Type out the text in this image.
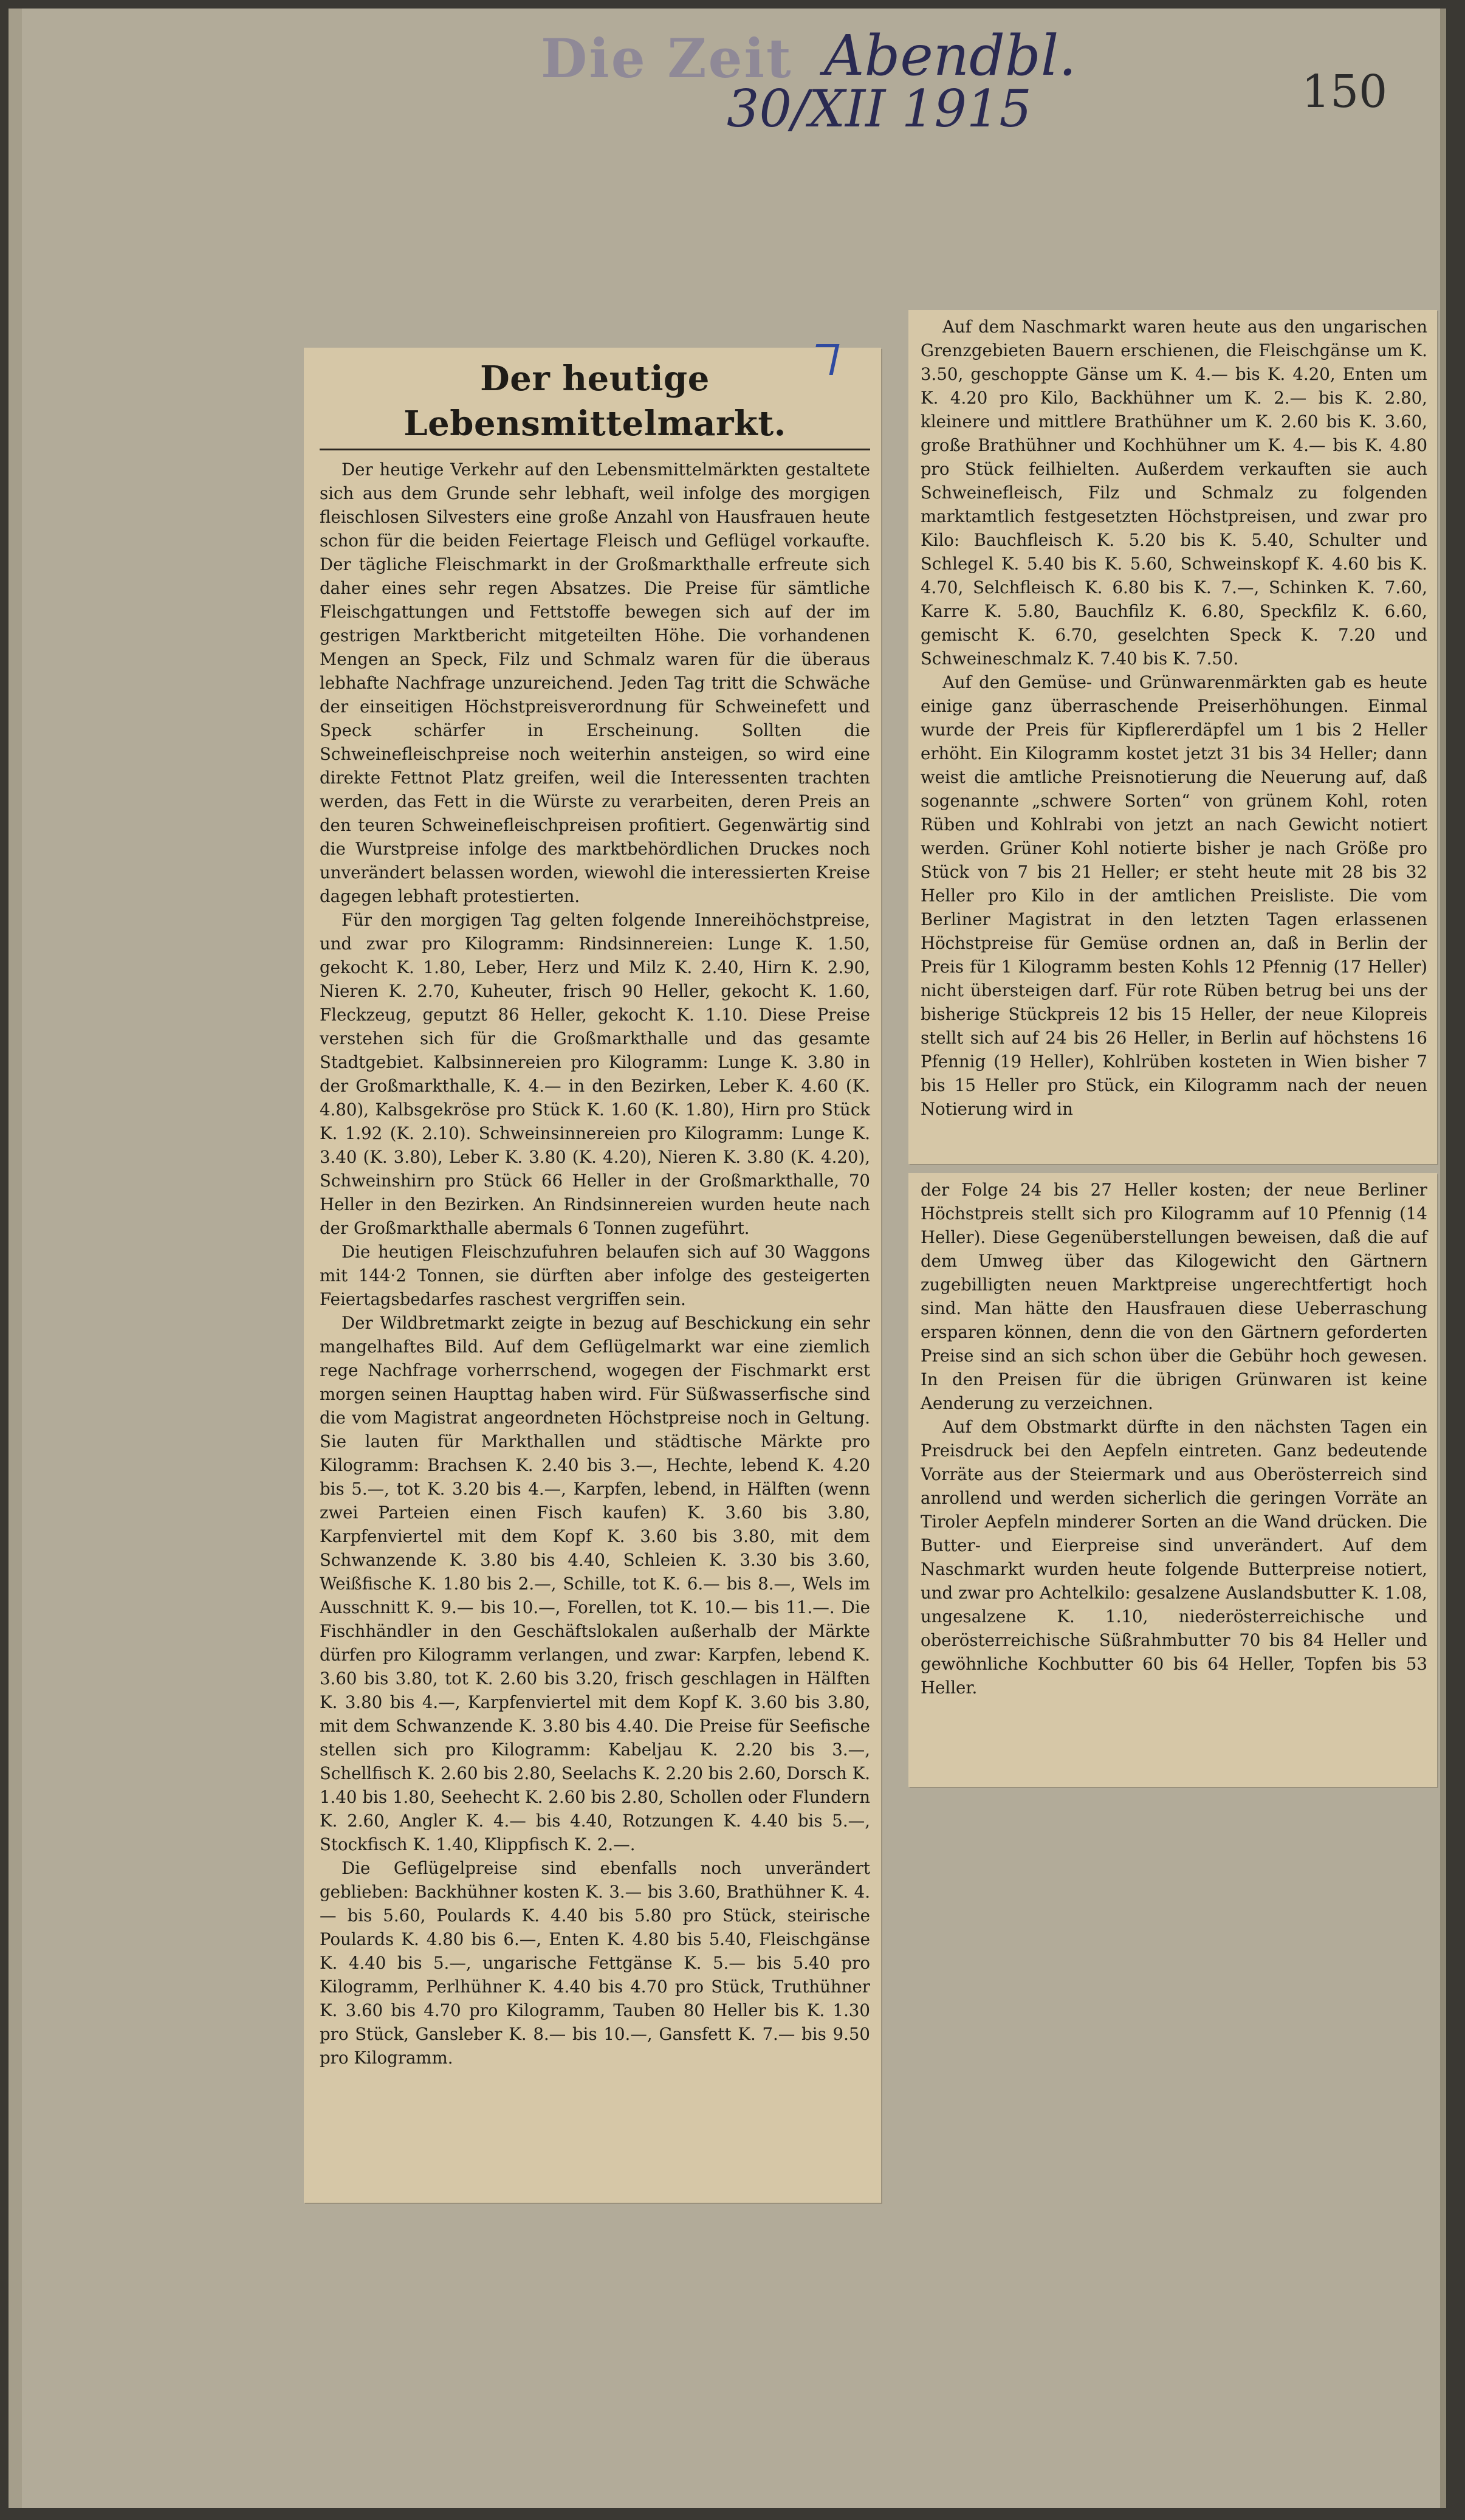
Die Zeit Abendbl.
30/XII 1915	150
Der heutige Lebensmittelmarkt.

Der heutige Verkehr auf den Lebensmittelmärkten gestaltete sich aus dem Grunde sehr lebhaft, weil infolge des morgigen fleischlosen Silvesters eine große Anzahl von Hausfrauen heute schon für die beiden Feiertage Fleisch und Geflügel vorkaufte. Der tägliche Fleischmarkt in der Großmarkthalle erfreute sich daher eines sehr regen Absatzes. Die Preise für sämtliche Fleischgattungen und Fettstoffe bewegen sich auf der im gestrigen Marktbericht mitgeteilten Höhe. Die vorhandenen Mengen an Speck, Filz und Schmalz waren für die überaus lebhafte Nachfrage unzureichend. Jeden Tag tritt die Schwäche der einseitigen Höchstpreisverordnung für Schweinefett und Speck schärfer in Erscheinung. Sollten die Schweinefleischpreise noch weiterhin ansteigen, so wird eine direkte Fettnot Platz greifen, weil die Interessenten trachten werden, das Fett in die Würste zu verarbeiten, deren Preis an den teuren Schweinefleischpreisen profitiert. Gegenwärtig sind die Wurstpreise infolge des marktbehördlichen Druckes noch unverändert belassen worden, wiewohl die interessierten Kreise dagegen lebhaft protestierten.

Für den morgigen Tag gelten folgende Innereihöchstpreise, und zwar pro Kilogramm: Rindsinnereien: Lunge K. 1.50, gekocht K. 1.80, Leber, Herz und Milz K. 2.40, Hirn K. 2.90, Nieren K. 2.70, Kuheuter, frisch 90 Heller, gekocht K. 1.60, Fleckzeug, geputzt 86 Heller, gekocht K. 1.10. Diese Preise verstehen sich für die Großmarkthalle und das gesamte Stadtgebiet. Kalbsinnereien pro Kilogramm: Lunge K. 3.80 in der Großmarkthalle, K. 4.— in den Bezirken, Leber K. 4.60 (K. 4.80), Kalbsgekröse pro Stück K. 1.60 (K. 1.80), Hirn pro Stück K. 1.92 (K. 2.10). Schweinsinnereien pro Kilogramm: Lunge K. 3.40 (K. 3.80), Leber K. 3.80 (K. 4.20), Nieren K. 3.80 (K. 4.20), Schweinshirn pro Stück 66 Heller in der Großmarkthalle, 70 Heller in den Bezirken. An Rindsinnereien wurden heute nach der Großmarkthalle abermals 6 Tonnen zugeführt.

Die heutigen Fleischzufuhren belaufen sich auf 30 Waggons mit 144·2 Tonnen, sie dürften aber infolge des gesteigerten Feiertagsbedarfes raschest vergriffen sein.

Der Wildbretmarkt zeigte in bezug auf Beschickung ein sehr mangelhaftes Bild. Auf dem Geflügelmarkt war eine ziemlich rege Nachfrage vorherrschend, wogegen der Fischmarkt erst morgen seinen Haupttag haben wird. Für Süßwasserfische sind die vom Magistrat angeordneten Höchstpreise noch in Geltung. Sie lauten für Markthallen und städtische Märkte pro Kilogramm: Brachsen K. 2.40 bis 3.—, Hechte, lebend K. 4.20 bis 5.—, tot K. 3.20 bis 4.—, Karpfen, lebend, in Hälften (wenn zwei Parteien einen Fisch kaufen) K. 3.60 bis 3.80, Karpfenviertel mit dem Kopf K. 3.60 bis 3.80, mit dem Schwanzende K. 3.80 bis 4.40, Schleien K. 3.30 bis 3.60, Weißfische K. 1.80 bis 2.—, Schille, tot K. 6.— bis 8.—, Wels im Ausschnitt K. 9.— bis 10.—, Forellen, tot K. 10.— bis 11.—. Die Fischhändler in den Geschäftslokalen außerhalb der Märkte dürfen pro Kilogramm verlangen, und zwar: Karpfen, lebend K. 3.60 bis 3.80, tot K. 2.60 bis 3.20, frisch geschlagen in Hälften K. 3.80 bis 4.—, Karpfenviertel mit dem Kopf K. 3.60 bis 3.80, mit dem Schwanzende K. 3.80 bis 4.40. Die Preise für Seefische stellen sich pro Kilogramm: Kabeljau K. 2.20 bis 3.—, Schellfisch K. 2.60 bis 2.80, Seelachs K. 2.20 bis 2.60, Dorsch K. 1.40 bis 1.80, Seehecht K. 2.60 bis 2.80, Schollen oder Flundern K. 2.60, Angler K. 4.— bis 4.40, Rotzungen K. 4.40 bis 5.—, Stockfisch K. 1.40, Klippfisch K. 2.—.

Die Geflügelpreise sind ebenfalls noch unverändert geblieben: Backhühner kosten K. 3.— bis 3.60, Brathühner K. 4.— bis 5.60, Poulards K. 4.40 bis 5.80 pro Stück, steirische Poulards K. 4.80 bis 6.—, Enten K. 4.80 bis 5.40, Fleischgänse K. 4.40 bis 5.—, ungarische Fettgänse K. 5.— bis 5.40 pro Kilogramm, Perlhühner K. 4.40 bis 4.70 pro Stück, Truthühner K. 3.60 bis 4.70 pro Kilogramm, Tauben 80 Heller bis K. 1.30 pro Stück, Gansleber K. 8.— bis 10.—, Gansfett K. 7.— bis 9.50 pro Kilogramm.

Auf dem Naschmarkt waren heute aus den ungarischen Grenzgebieten Bauern erschienen, die Fleischgänse um K. 3.50, geschoppte Gänse um K. 4.— bis K. 4.20, Enten um K. 4.20 pro Kilo, Backhühner um K. 2.— bis K. 2.80, kleinere und mittlere Brathühner um K. 2.60 bis K. 3.60, große Brathühner und Kochhühner um K. 4.— bis K. 4.80 pro Stück feilhielten. Außerdem verkauften sie auch Schweinefleisch, Filz und Schmalz zu folgenden marktamtlich festgesetzten Höchstpreisen, und zwar pro Kilo: Bauchfleisch K. 5.20 bis K. 5.40, Schulter und Schlegel K. 5.40 bis K. 5.60, Schweinskopf K. 4.60 bis K. 4.70, Selchfleisch K. 6.80 bis K. 7.—, Schinken K. 7.60, Karre K. 5.80, Bauchfilz K. 6.80, Speckfilz K. 6.60, gemischt K. 6.70, geselchten Speck K. 7.20 und Schweineschmalz K. 7.40 bis K. 7.50.

Auf den Gemüse- und Grünwarenmärkten gab es heute einige ganz überraschende Preiserhöhungen. Einmal wurde der Preis für Kipflererdäpfel um 1 bis 2 Heller erhöht. Ein Kilogramm kostet jetzt 31 bis 34 Heller; dann weist die amtliche Preisnotierung die Neuerung auf, daß sogenannte „schwere Sorten“ von grünem Kohl, roten Rüben und Kohlrabi von jetzt an nach Gewicht notiert werden. Grüner Kohl notierte bisher je nach Größe pro Stück von 7 bis 21 Heller; er steht heute mit 28 bis 32 Heller pro Kilo in der amtlichen Preisliste. Die vom Berliner Magistrat in den letzten Tagen erlassenen Höchstpreise für Gemüse ordnen an, daß in Berlin der Preis für 1 Kilogramm besten Kohls 12 Pfennig (17 Heller) nicht übersteigen darf. Für rote Rüben betrug bei uns der bisherige Stückpreis 12 bis 15 Heller, der neue Kilopreis stellt sich auf 24 bis 26 Heller, in Berlin auf höchstens 16 Pfennig (19 Heller), Kohlrüben kosteten in Wien bisher 7 bis 15 Heller pro Stück, ein Kilogramm nach der neuen Notierung wird in

der Folge 24 bis 27 Heller kosten; der neue Berliner Höchstpreis stellt sich pro Kilogramm auf 10 Pfennig (14 Heller). Diese Gegenüberstellungen beweisen, daß die auf dem Umweg über das Kilogewicht den Gärtnern zugebilligten neuen Marktpreise ungerechtfertigt hoch sind. Man hätte den Hausfrauen diese Ueberraschung ersparen können, denn die von den Gärtnern geforderten Preise sind an sich schon über die Gebühr hoch gewesen. In den Preisen für die übrigen Grünwaren ist keine Aenderung zu verzeichnen.

Auf dem Obstmarkt dürfte in den nächsten Tagen ein Preisdruck bei den Aepfeln eintreten. Ganz bedeutende Vorräte aus der Steiermark und aus Oberösterreich sind anrollend und werden sicherlich die geringen Vorräte an Tiroler Aepfeln minderer Sorten an die Wand drücken. Die Butter- und Eierpreise sind unverändert. Auf dem Naschmarkt wurden heute folgende Butterpreise notiert, und zwar pro Achtelkilo: gesalzene Auslandsbutter K. 1.08, ungesalzene K. 1.10, niederösterreichische und oberösterreichische Süßrahmbutter 70 bis 84 Heller und gewöhnliche Kochbutter 60 bis 64 Heller, Topfen bis 53 Heller.
